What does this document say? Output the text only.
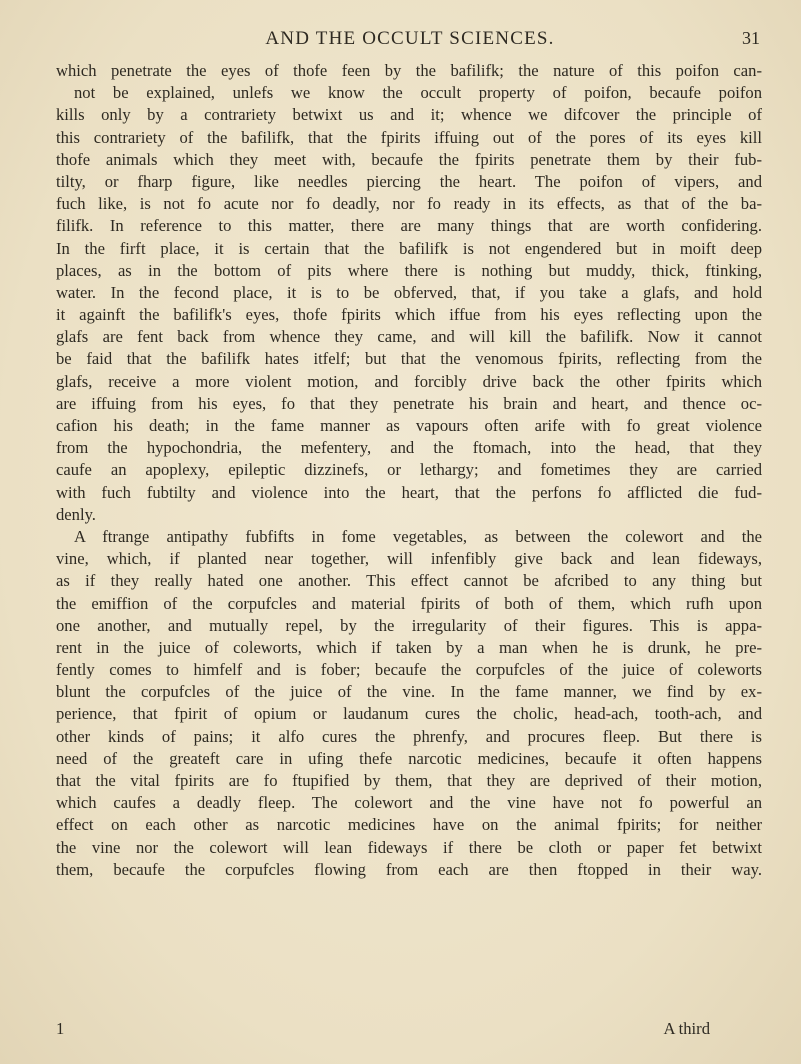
AND THE OCCULT SCIENCES.	31
which penetrate the eyes of thofe feen by the bafilifk; the nature of this poifon can-
not be explained, unlefs we know the occult property of poifon, becaufe poifon
kills only by a contrariety betwixt us and it; whence we difcover the principle of
this contrariety of the bafilifk, that the fpirits iffuing out of the pores of its eyes kill
thofe animals which they meet with, becaufe the fpirits penetrate them by their fub-
tilty, or fharp figure, like needles piercing the heart. The poifon of vipers, and
fuch like, is not fo acute nor fo deadly, nor fo ready in its effects, as that of the ba-
filifk. In reference to this matter, there are many things that are worth confidering.
In the firft place, it is certain that the bafilifk is not engendered but in moift deep
places, as in the bottom of pits where there is nothing but muddy, thick, ftinking,
water. In the fecond place, it is to be obferved, that, if you take a glafs, and hold
it againft the bafilifk's eyes, thofe fpirits which iffue from his eyes reflecting upon the
glafs are fent back from whence they came, and will kill the bafilifk. Now it cannot
be faid that the bafilifk hates itfelf; but that the venomous fpirits, reflecting from the
glafs, receive a more violent motion, and forcibly drive back the other fpirits which
are iffuing from his eyes, fo that they penetrate his brain and heart, and thence oc-
cafion his death; in the fame manner as vapours often arife with fo great violence
from the hypochondria, the mefentery, and the ftomach, into the head, that they
caufe an apoplexy, epileptic dizzinefs, or lethargy; and fometimes they are carried
with fuch fubtilty and violence into the heart, that the perfons fo afflicted die fud-
denly.
A ftrange antipathy fubfifts in fome vegetables, as between the colewort and the
vine, which, if planted near together, will infenfibly give back and lean fideways,
as if they really hated one another. This effect cannot be afcribed to any thing but
the emiffion of the corpufcles and material fpirits of both of them, which rufh upon
one another, and mutually repel, by the irregularity of their figures. This is appa-
rent in the juice of coleworts, which if taken by a man when he is drunk, he pre-
fently comes to himfelf and is fober; becaufe the corpufcles of the juice of coleworts
blunt the corpufcles of the juice of the vine. In the fame manner, we find by ex-
perience, that fpirit of opium or laudanum cures the cholic, head-ach, tooth-ach, and
other kinds of pains; it alfo cures the phrenfy, and procures fleep. But there is
need of the greateft care in ufing thefe narcotic medicines, becaufe it often happens
that the vital fpirits are fo ftupified by them, that they are deprived of their motion,
which caufes a deadly fleep. The colewort and the vine have not fo powerful an
effect on each other as narcotic medicines have on the animal fpirits; for neither
the vine nor the colewort will lean fideways if there be cloth or paper fet betwixt
them, becaufe the corpufcles flowing from each are then ftopped in their way.
1	A third
